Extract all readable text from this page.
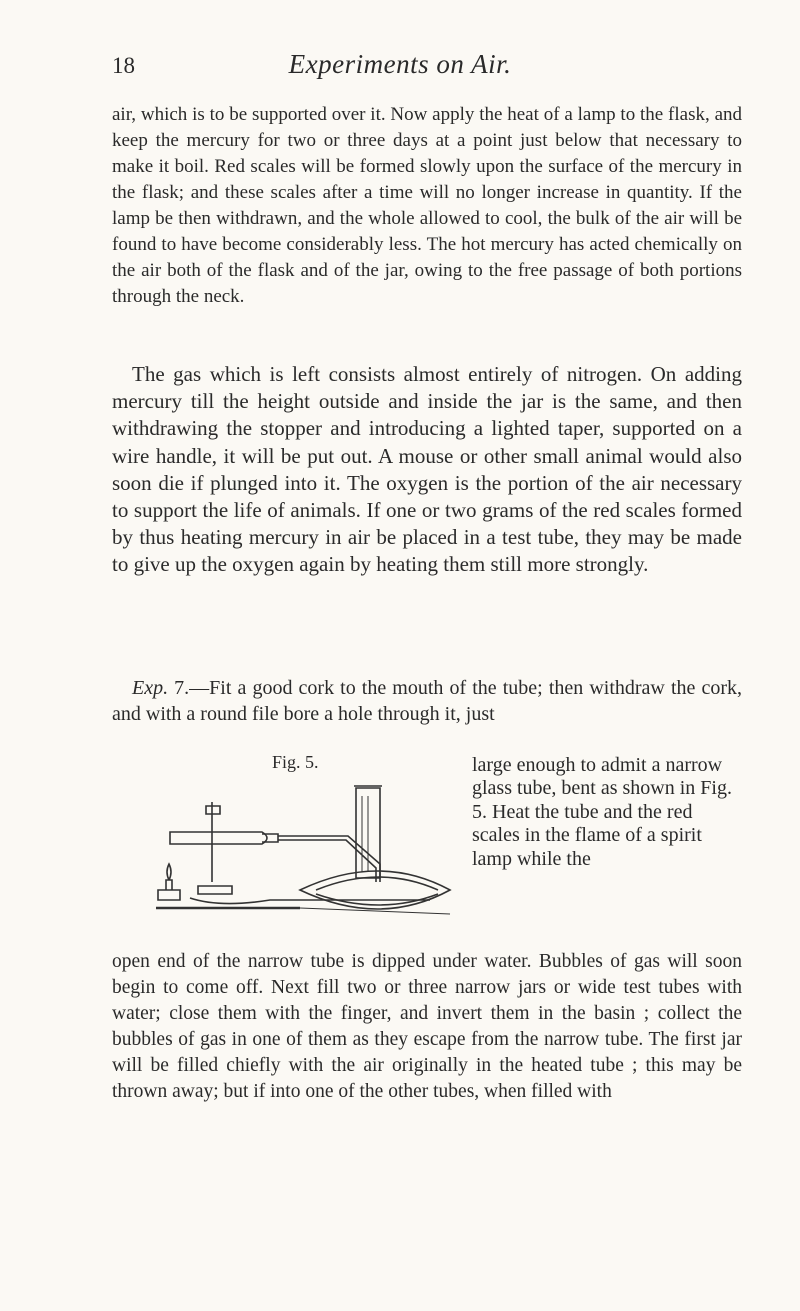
18	Experiments on Air.

air, which is to be supported over it. Now apply the heat of a lamp to the flask, and keep the mercury for two or three days at a point just below that necessary to make it boil. Red scales will be formed slowly upon the surface of the mercury in the flask; and these scales after a time will no longer increase in quantity. If the lamp be then withdrawn, and the whole allowed to cool, the bulk of the air will be found to have become considerably less. The hot mercury has acted chemically on the air both of the flask and of the jar, owing to the free passage of both portions through the neck.

The gas which is left consists almost entirely of nitrogen. On adding mercury till the height outside and inside the jar is the same, and then withdrawing the stopper and introducing a lighted taper, supported on a wire handle, it will be put out. A mouse or other small animal would also soon die if plunged into it. The oxygen is the portion of the air necessary to support the life of animals. If one or two grams of the red scales formed by thus heating mercury in air be placed in a test tube, they may be made to give up the oxygen again by heating them still more strongly.

Exp. 7.—Fit a good cork to the mouth of the tube; then withdraw the cork, and with a round file bore a hole through it, just

Fig. 5.	large enough to admit a narrow glass tube, bent as shown in Fig. 5. Heat the tube and the red scales in the flame of a spirit lamp while the

open end of the narrow tube is dipped under water. Bubbles of gas will soon begin to come off. Next fill two or three narrow jars or wide test tubes with water; close them with the finger, and invert them in the basin ; collect the bubbles of gas in one of them as they escape from the narrow tube. The first jar will be filled chiefly with the air originally in the heated tube ; this may be thrown away; but if into one of the other tubes, when filled with
